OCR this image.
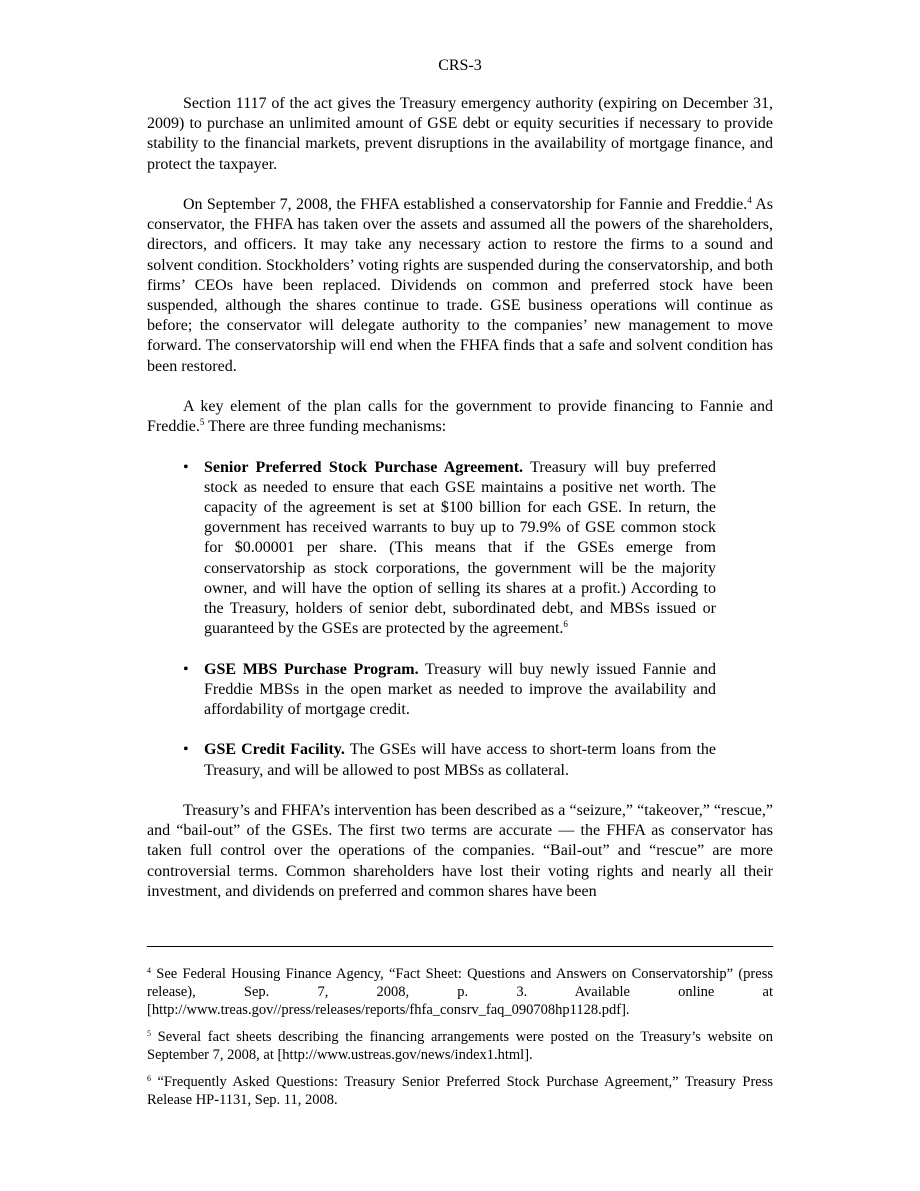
CRS-3

Section 1117 of the act gives the Treasury emergency authority (expiring on December 31, 2009) to purchase an unlimited amount of GSE debt or equity securities if necessary to provide stability to the financial markets, prevent disruptions in the availability of mortgage finance, and protect the taxpayer.

On September 7, 2008, the FHFA established a conservatorship for Fannie and Freddie.$^4$ As conservator, the FHFA has taken over the assets and assumed all the powers of the shareholders, directors, and officers. It may take any necessary action to restore the firms to a sound and solvent condition. Stockholders’ voting rights are suspended during the conservatorship, and both firms’ CEOs have been replaced. Dividends on common and preferred stock have been suspended, although the shares continue to trade. GSE business operations will continue as before; the conservator will delegate authority to the companies’ new management to move forward. The conservatorship will end when the FHFA finds that a safe and solvent condition has been restored.

A key element of the plan calls for the government to provide financing to Fannie and Freddie.$^5$ There are three funding mechanisms:

• Senior Preferred Stock Purchase Agreement. Treasury will buy preferred stock as needed to ensure that each GSE maintains a positive net worth. The capacity of the agreement is set at $100 billion for each GSE. In return, the government has received warrants to buy up to 79.9% of GSE common stock for $0.00001 per share. (This means that if the GSEs emerge from conservatorship as stock corporations, the government will be the majority owner, and will have the option of selling its shares at a profit.) According to the Treasury, holders of senior debt, subordinated debt, and MBSs issued or guaranteed by the GSEs are protected by the agreement.$^6$
• GSE MBS Purchase Program. Treasury will buy newly issued Fannie and Freddie MBSs in the open market as needed to improve the availability and affordability of mortgage credit.
• GSE Credit Facility. The GSEs will have access to short-term loans from the Treasury, and will be allowed to post MBSs as collateral.

Treasury’s and FHFA’s intervention has been described as a “seizure,” “takeover,” “rescue,” and “bail-out” of the GSEs. The first two terms are accurate — the FHFA as conservator has taken full control over the operations of the companies. “Bail-out” and “rescue” are more controversial terms. Common shareholders have lost their voting rights and nearly all their investment, and dividends on preferred and common shares have been

$^4$ See Federal Housing Finance Agency, “Fact Sheet: Questions and Answers on Conservatorship” (press release), Sep. 7, 2008, p. 3. Available online at [http://www.treas.gov//press/releases/reports/fhfa_consrv_faq_090708hp1128.pdf].

$^5$ Several fact sheets describing the financing arrangements were posted on the Treasury’s website on September 7, 2008, at [http://www.ustreas.gov/news/index1.html].

$^6$ “Frequently Asked Questions: Treasury Senior Preferred Stock Purchase Agreement,” Treasury Press Release HP-1131, Sep. 11, 2008.
